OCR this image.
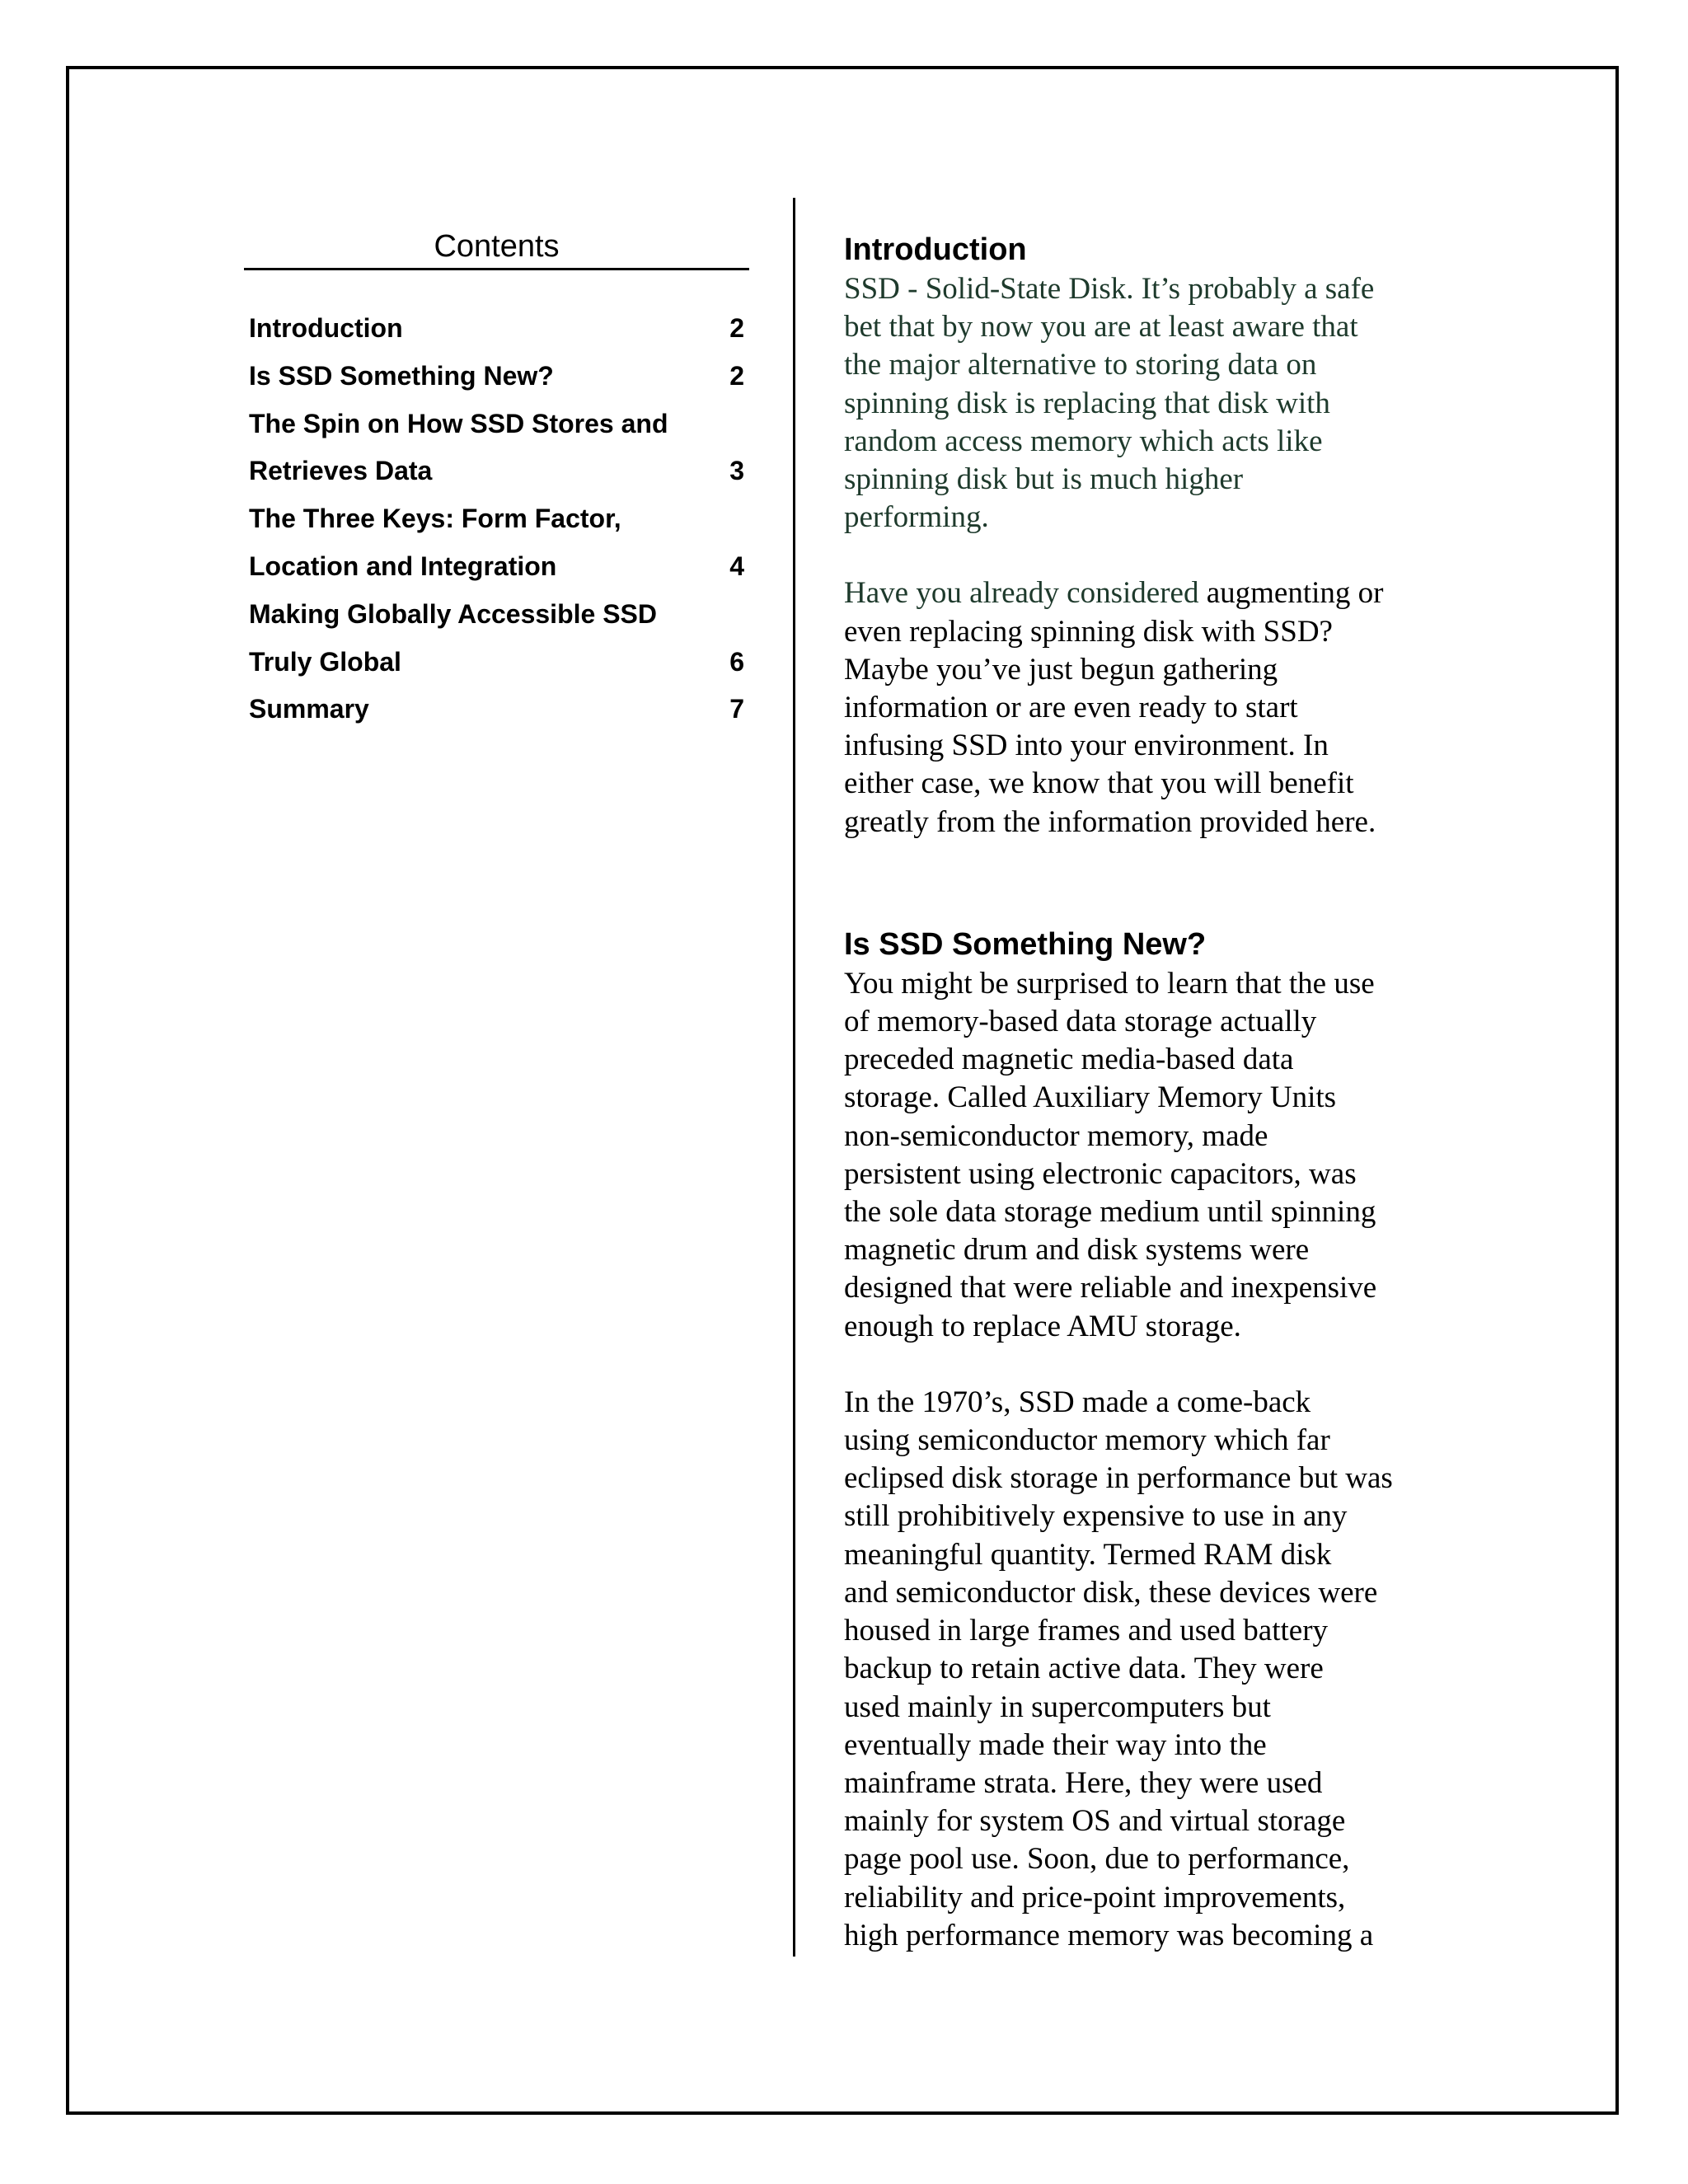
Contents
Introduction	2
Is SSD Something New?	2
The Spin on How SSD Stores and
Retrieves Data	3
The Three Keys: Form Factor,
Location and Integration	4
Making Globally Accessible SSD
Truly Global	6
Summary	7
Introduction

SSD - Solid-State Disk. It’s probably a safe
bet that by now you are at least aware that
the major alternative to storing data on
spinning disk is replacing that disk with
random access memory which acts like
spinning disk but is much higher
performing.

Have you already considered augmenting or
even replacing spinning disk with SSD?
Maybe you’ve just begun gathering
information or are even ready to start
infusing SSD into your environment. In
either case, we know that you will benefit
greatly from the information provided here.

Is SSD Something New?

You might be surprised to learn that the use
of memory-based data storage actually
preceded magnetic media-based data
storage. Called Auxiliary Memory Units
non-semiconductor memory, made
persistent using electronic capacitors, was
the sole data storage medium until spinning
magnetic drum and disk systems were
designed that were reliable and inexpensive
enough to replace AMU storage.

In the 1970’s, SSD made a come-back
using semiconductor memory which far
eclipsed disk storage in performance but was
still prohibitively expensive to use in any
meaningful quantity. Termed RAM disk
and semiconductor disk, these devices were
housed in large frames and used battery
backup to retain active data. They were
used mainly in supercomputers but
eventually made their way into the
mainframe strata. Here, they were used
mainly for system OS and virtual storage
page pool use. Soon, due to performance,
reliability and price-point improvements,
high performance memory was becoming a
